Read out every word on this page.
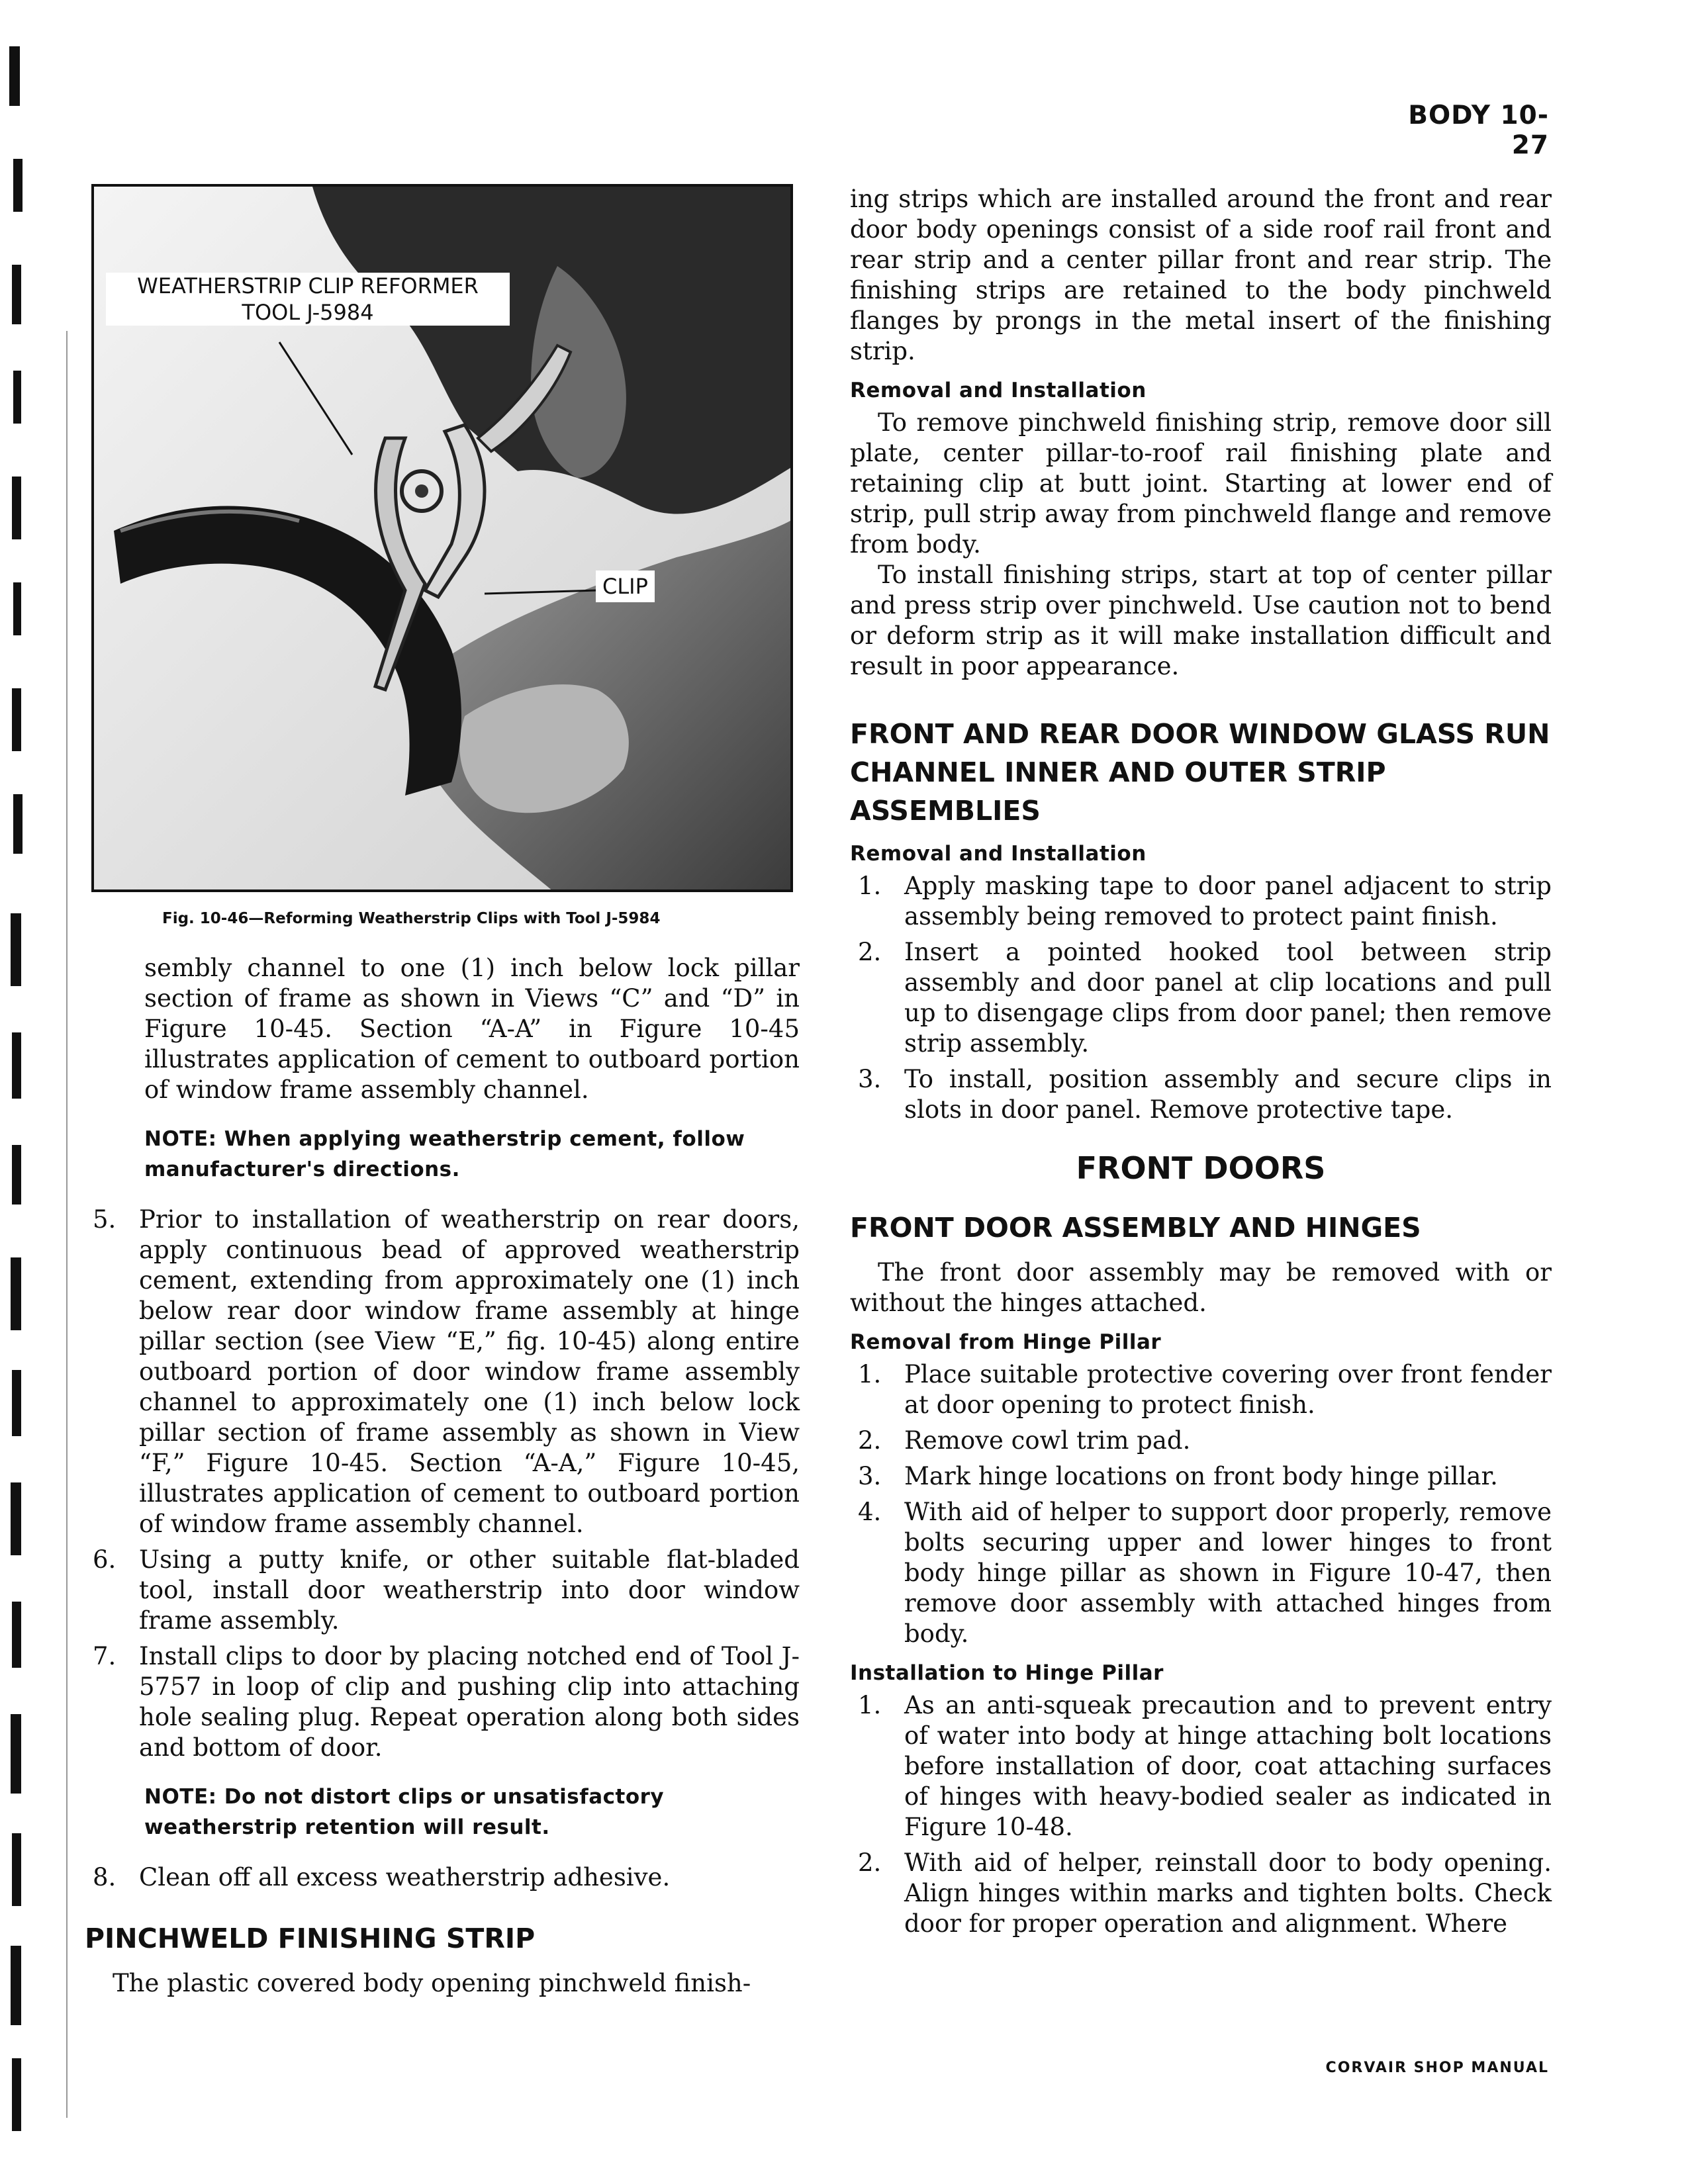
BODY 10-27
WEATHERSTRIP CLIP REFORMER
TOOL J-5984
CLIP
Fig. 10-46—Reforming Weatherstrip Clips with Tool J-5984

sembly channel to one (1) inch below lock pillar section of frame as shown in Views “C” and “D” in Figure 10-45. Section “A-A” in Figure 10-45 illustrates application of cement to outboard portion of window frame assembly channel.

NOTE: When applying weatherstrip cement, follow manufacturer's directions.
5. Prior to installation of weatherstrip on rear doors, apply continuous bead of approved weatherstrip cement, extending from approximately one (1) inch below rear door window frame assembly at hinge pillar section (see View “E,” fig. 10-45) along entire outboard portion of door window frame assembly channel to approximately one (1) inch below lock pillar section of frame assembly as shown in View “F,” Figure 10-45. Section “A-A,” Figure 10-45, illustrates application of cement to outboard portion of window frame assembly channel.
6. Using a putty knife, or other suitable flat-bladed tool, install door weatherstrip into door window frame assembly.
7. Install clips to door by placing notched end of Tool J-5757 in loop of clip and pushing clip into attaching hole sealing plug. Repeat operation along both sides and bottom of door.
NOTE: Do not distort clips or unsatisfactory weatherstrip retention will result.
8. Clean off all excess weatherstrip adhesive.
PINCHWELD FINISHING STRIP

The plastic covered body opening pinchweld finish-

ing strips which are installed around the front and rear door body openings consist of a side roof rail front and rear strip and a center pillar front and rear strip. The finishing strips are retained to the body pinchweld flanges by prongs in the metal insert of the finishing strip.

Removal and Installation

To remove pinchweld finishing strip, remove door sill plate, center pillar-to-roof rail finishing plate and retaining clip at butt joint. Starting at lower end of strip, pull strip away from pinchweld flange and remove from body.

To install finishing strips, start at top of center pillar and press strip over pinchweld. Use caution not to bend or deform strip as it will make installation difficult and result in poor appearance.

FRONT AND REAR DOOR WINDOW GLASS RUN CHANNEL INNER AND OUTER STRIP ASSEMBLIES
Removal and Installation
1. Apply masking tape to door panel adjacent to strip assembly being removed to protect paint finish.
2. Insert a pointed hooked tool between strip assembly and door panel at clip locations and pull up to disengage clips from door panel; then remove strip assembly.
3. To install, position assembly and secure clips in slots in door panel. Remove protective tape.
FRONT DOORS
FRONT DOOR ASSEMBLY AND HINGES

The front door assembly may be removed with or without the hinges attached.

Removal from Hinge Pillar
1. Place suitable protective covering over front fender at door opening to protect finish.
2. Remove cowl trim pad.
3. Mark hinge locations on front body hinge pillar.
4. With aid of helper to support door properly, remove bolts securing upper and lower hinges to front body hinge pillar as shown in Figure 10-47, then remove door assembly with attached hinges from body.
Installation to Hinge Pillar
1. As an anti-squeak precaution and to prevent entry of water into body at hinge attaching bolt locations before installation of door, coat attaching surfaces of hinges with heavy-bodied sealer as indicated in Figure 10-48.
2. With aid of helper, reinstall door to body opening. Align hinges within marks and tighten bolts. Check door for proper operation and alignment. Where
CORVAIR SHOP MANUAL
